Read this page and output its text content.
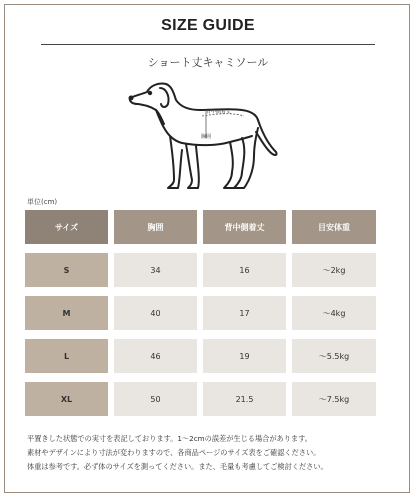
SIZE GUIDE
ショート丈キャミソール
背中側着丈
胸囲
単位(cm)
サイズ	胸囲	背中側着丈	目安体重
S	34	16	〜2kg
M	40	17	〜4kg
L	46	19	〜5.5kg
XL	50	21.5	〜7.5kg
平置きした状態での実寸を表記しております。1〜2cmの誤差が生じる場合があります。
素材やデザインにより寸法が変わりますので、各商品ページのサイズ表をご確認ください。
体重は参考です。必ず体のサイズを測ってください。また、毛量も考慮してご検討ください。
